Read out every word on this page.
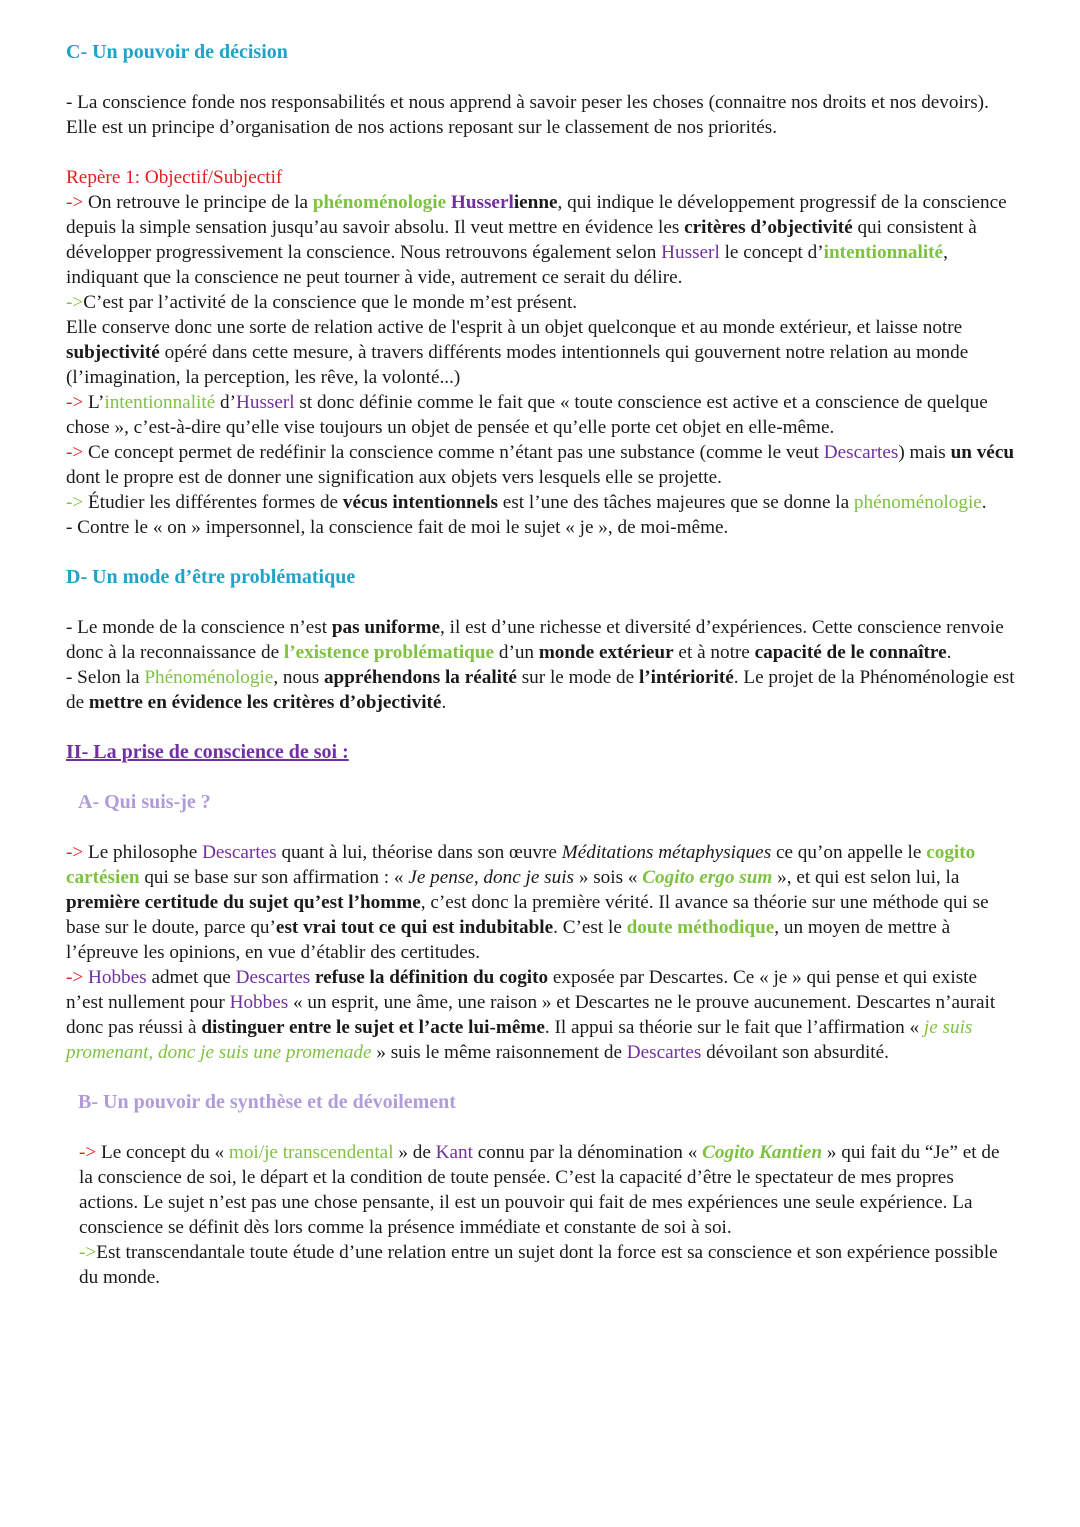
C- Un pouvoir de décision

- La conscience fonde nos responsabilités et nous apprend à savoir peser les choses (connaitre nos droits et nos devoirs). Elle est un principe d’organisation de nos actions reposant sur le classement de nos priorités.

Repère 1: Objectif/Subjectif

-> On retrouve le principe de la phénoménologie Husserlienne, qui indique le développement progressif de la conscience depuis la simple sensation jusqu’au savoir absolu. Il veut mettre en évidence les critères d’objectivité qui consistent à développer progressivement la conscience. Nous retrouvons également selon Husserl le concept d’intentionnalité, indiquant que la conscience ne peut tourner à vide, autrement ce serait du délire.

->C’est par l’activité de la conscience que le monde m’est présent.

Elle conserve donc une sorte de relation active de l'esprit à un objet quelconque et au monde extérieur, et laisse notre subjectivité opéré dans cette mesure, à travers différents modes intentionnels qui gouvernent notre relation au monde (l’imagination, la perception, les rêve, la volonté...)

-> L’intentionnalité d’Husserl st donc définie comme le fait que « toute conscience est active et a conscience de quelque chose », c’est-à-dire qu’elle vise toujours un objet de pensée et qu’elle porte cet objet en elle-même.

-> Ce concept permet de redéfinir la conscience comme n’étant pas une substance (comme le veut Descartes) mais un vécu dont le propre est de donner une signification aux objets vers lesquels elle se projette.

-> Étudier les différentes formes de vécus intentionnels est l’une des tâches majeures que se donne la phénoménologie.

- Contre le « on » impersonnel, la conscience fait de moi le sujet « je », de moi-même.

D- Un mode d’être problématique

- Le monde de la conscience n’est pas uniforme, il est d’une richesse et diversité d’expériences. Cette conscience renvoie donc à la reconnaissance de l’existence problématique d’un monde extérieur et à notre capacité de le connaître.

- Selon la Phénoménologie, nous appréhendons la réalité sur le mode de l’intériorité. Le projet de la Phénoménologie est de mettre en évidence les critères d’objectivité.

II- La prise de conscience de soi :
A- Qui suis-je ?

-> Le philosophe Descartes quant à lui, théorise dans son œuvre Méditations métaphysiques ce qu’on appelle le cogito cartésien qui se base sur son affirmation : « Je pense, donc je suis » sois « Cogito ergo sum », et qui est selon lui, la première certitude du sujet qu’est l’homme, c’est donc la première vérité. Il avance sa théorie sur une méthode qui se base sur le doute, parce qu’est vrai tout ce qui est indubitable. C’est le doute méthodique, un moyen de mettre à l’épreuve les opinions, en vue d’établir des certitudes.

-> Hobbes admet que Descartes refuse la définition du cogito exposée par Descartes. Ce « je » qui pense et qui existe n’est nullement pour Hobbes « un esprit, une âme, une raison » et Descartes ne le prouve aucunement. Descartes n’aurait donc pas réussi à distinguer entre le sujet et l’acte lui-même. Il appui sa théorie sur le fait que l’affirmation « je suis promenant, donc je suis une promenade » suis le même raisonnement de Descartes dévoilant son absurdité.

B- Un pouvoir de synthèse et de dévoilement

-> Le concept du « moi/je transcendental » de Kant connu par la dénomination « Cogito Kantien » qui fait du “Je” et de la conscience de soi, le départ et la condition de toute pensée. C’est la capacité d’être le spectateur de mes propres actions. Le sujet n’est pas une chose pensante, il est un pouvoir qui fait de mes expériences une seule expérience. La conscience se définit dès lors comme la présence immédiate et constante de soi à soi.

->Est transcendantale toute étude d’une relation entre un sujet dont la force est sa conscience et son expérience possible du monde.
